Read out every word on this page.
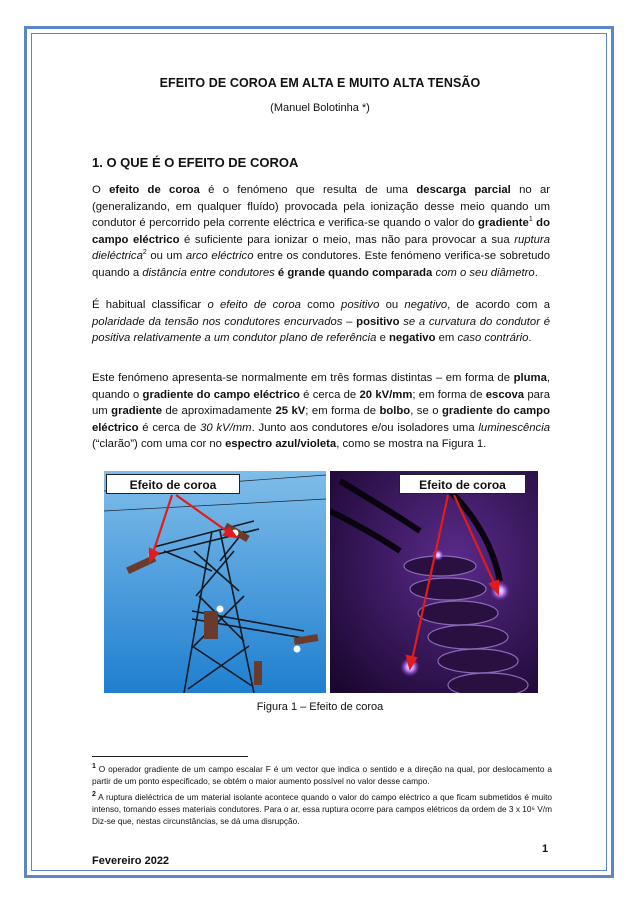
EFEITO DE COROA EM ALTA E MUITO ALTA TENSÃO
(Manuel Bolotinha *)
1. O QUE É O EFEITO DE COROA

O efeito de coroa é o fenómeno que resulta de uma descarga parcial no ar (generalizando, em qualquer fluído) provocada pela ionização desse meio quando um condutor é percorrido pela corrente eléctrica e verifica-se quando o valor do gradiente$^1$ do campo eléctrico é suficiente para ionizar o meio, mas não para provocar a sua ruptura dieléctrica$^2$ ou um arco eléctrico entre os condutores. Este fenómeno verifica-se sobretudo quando a distância entre condutores é grande quando comparada com o seu diâmetro.

É habitual classificar o efeito de coroa como positivo ou negativo, de acordo com a polaridade da tensão nos condutores encurvados – positivo se a curvatura do condutor é positiva relativamente a um condutor plano de referência e negativo em caso contrário.

Este fenómeno apresenta-se normalmente em três formas distintas – em forma de pluma, quando o gradiente do campo eléctrico é cerca de 20 kV/mm; em forma de escova para um gradiente de aproximadamente 25 kV; em forma de bolbo, se o gradiente do campo eléctrico é cerca de 30 kV/mm. Junto aos condutores e/ou isoladores uma luminescência (“clarão”) com uma cor no espectro azul/violeta, como se mostra na Figura 1.

Efeito de coroa	Efeito de coroa
Figura 1 – Efeito de coroa

$^1$ O operador gradiente de um campo escalar F é um vector que indica o sentido e a direção na qual, por deslocamento a partir de um ponto especificado, se obtém o maior aumento possível no valor desse campo.

$^2$ A ruptura dieléctrica de um material isolante acontece quando o valor do campo eléctrico a que ficam submetidos é muito intenso, tornando esses materiais condutores. Para o ar, essa ruptura ocorre para campos elétricos da ordem de 3 x 10⁶ V/m Diz-se que, nestas circunstâncias, se dá uma disrupção.

1
Fevereiro 2022
